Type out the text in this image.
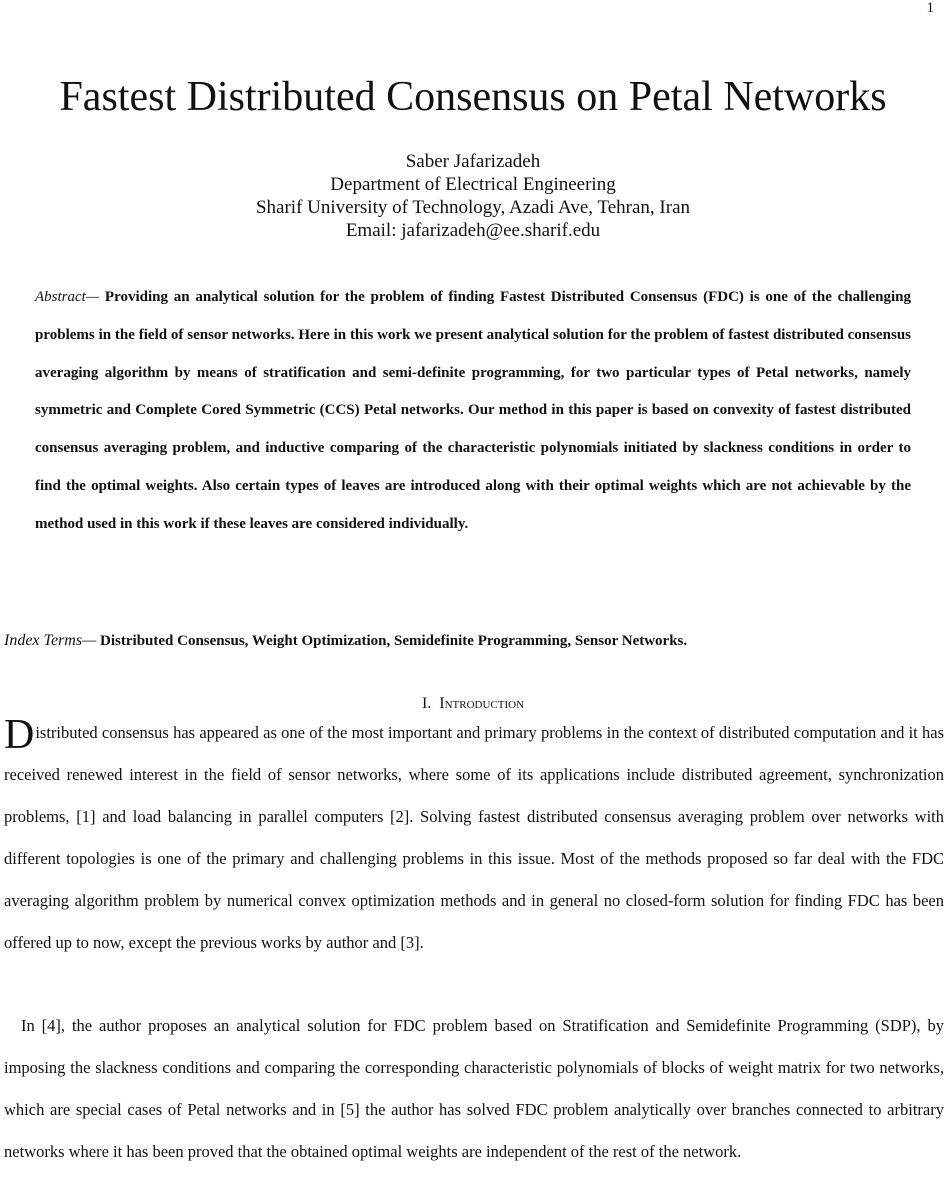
1
Fastest Distributed Consensus on Petal Networks
Saber Jafarizadeh
Department of Electrical Engineering
Sharif University of Technology, Azadi Ave, Tehran, Iran
Email: jafarizadeh@ee.sharif.edu
Abstract— Providing an analytical solution for the problem of finding Fastest Distributed Consensus (FDC) is one of the challenging problems in the field of sensor networks. Here in this work we present analytical solution for the problem of fastest distributed consensus averaging algorithm by means of stratification and semi-definite programming, for two particular types of Petal networks, namely symmetric and Complete Cored Symmetric (CCS) Petal networks. Our method in this paper is based on convexity of fastest distributed consensus averaging problem, and inductive comparing of the characteristic polynomials initiated by slackness conditions in order to find the optimal weights. Also certain types of leaves are introduced along with their optimal weights which are not achievable by the method used in this work if these leaves are considered individually.
Index Terms— Distributed Consensus, Weight Optimization, Semidefinite Programming, Sensor Networks.
I. Introduction
Distributed consensus has appeared as one of the most important and primary problems in the context of distributed computation and it has received renewed interest in the field of sensor networks, where some of its applications include distributed agreement, synchronization problems, [1] and load balancing in parallel computers [2]. Solving fastest distributed consensus averaging problem over networks with different topologies is one of the primary and challenging problems in this issue. Most of the methods proposed so far deal with the FDC averaging algorithm problem by numerical convex optimization methods and in general no closed-form solution for finding FDC has been offered up to now, except the previous works by author and [3].
In [4], the author proposes an analytical solution for FDC problem based on Stratification and Semidefinite Programming (SDP), by imposing the slackness conditions and comparing the corresponding characteristic polynomials of blocks of weight matrix for two networks, which are special cases of Petal networks and in [5] the author has solved FDC problem analytically over branches connected to arbitrary networks where it has been proved that the obtained optimal weights are independent of the rest of the network.
